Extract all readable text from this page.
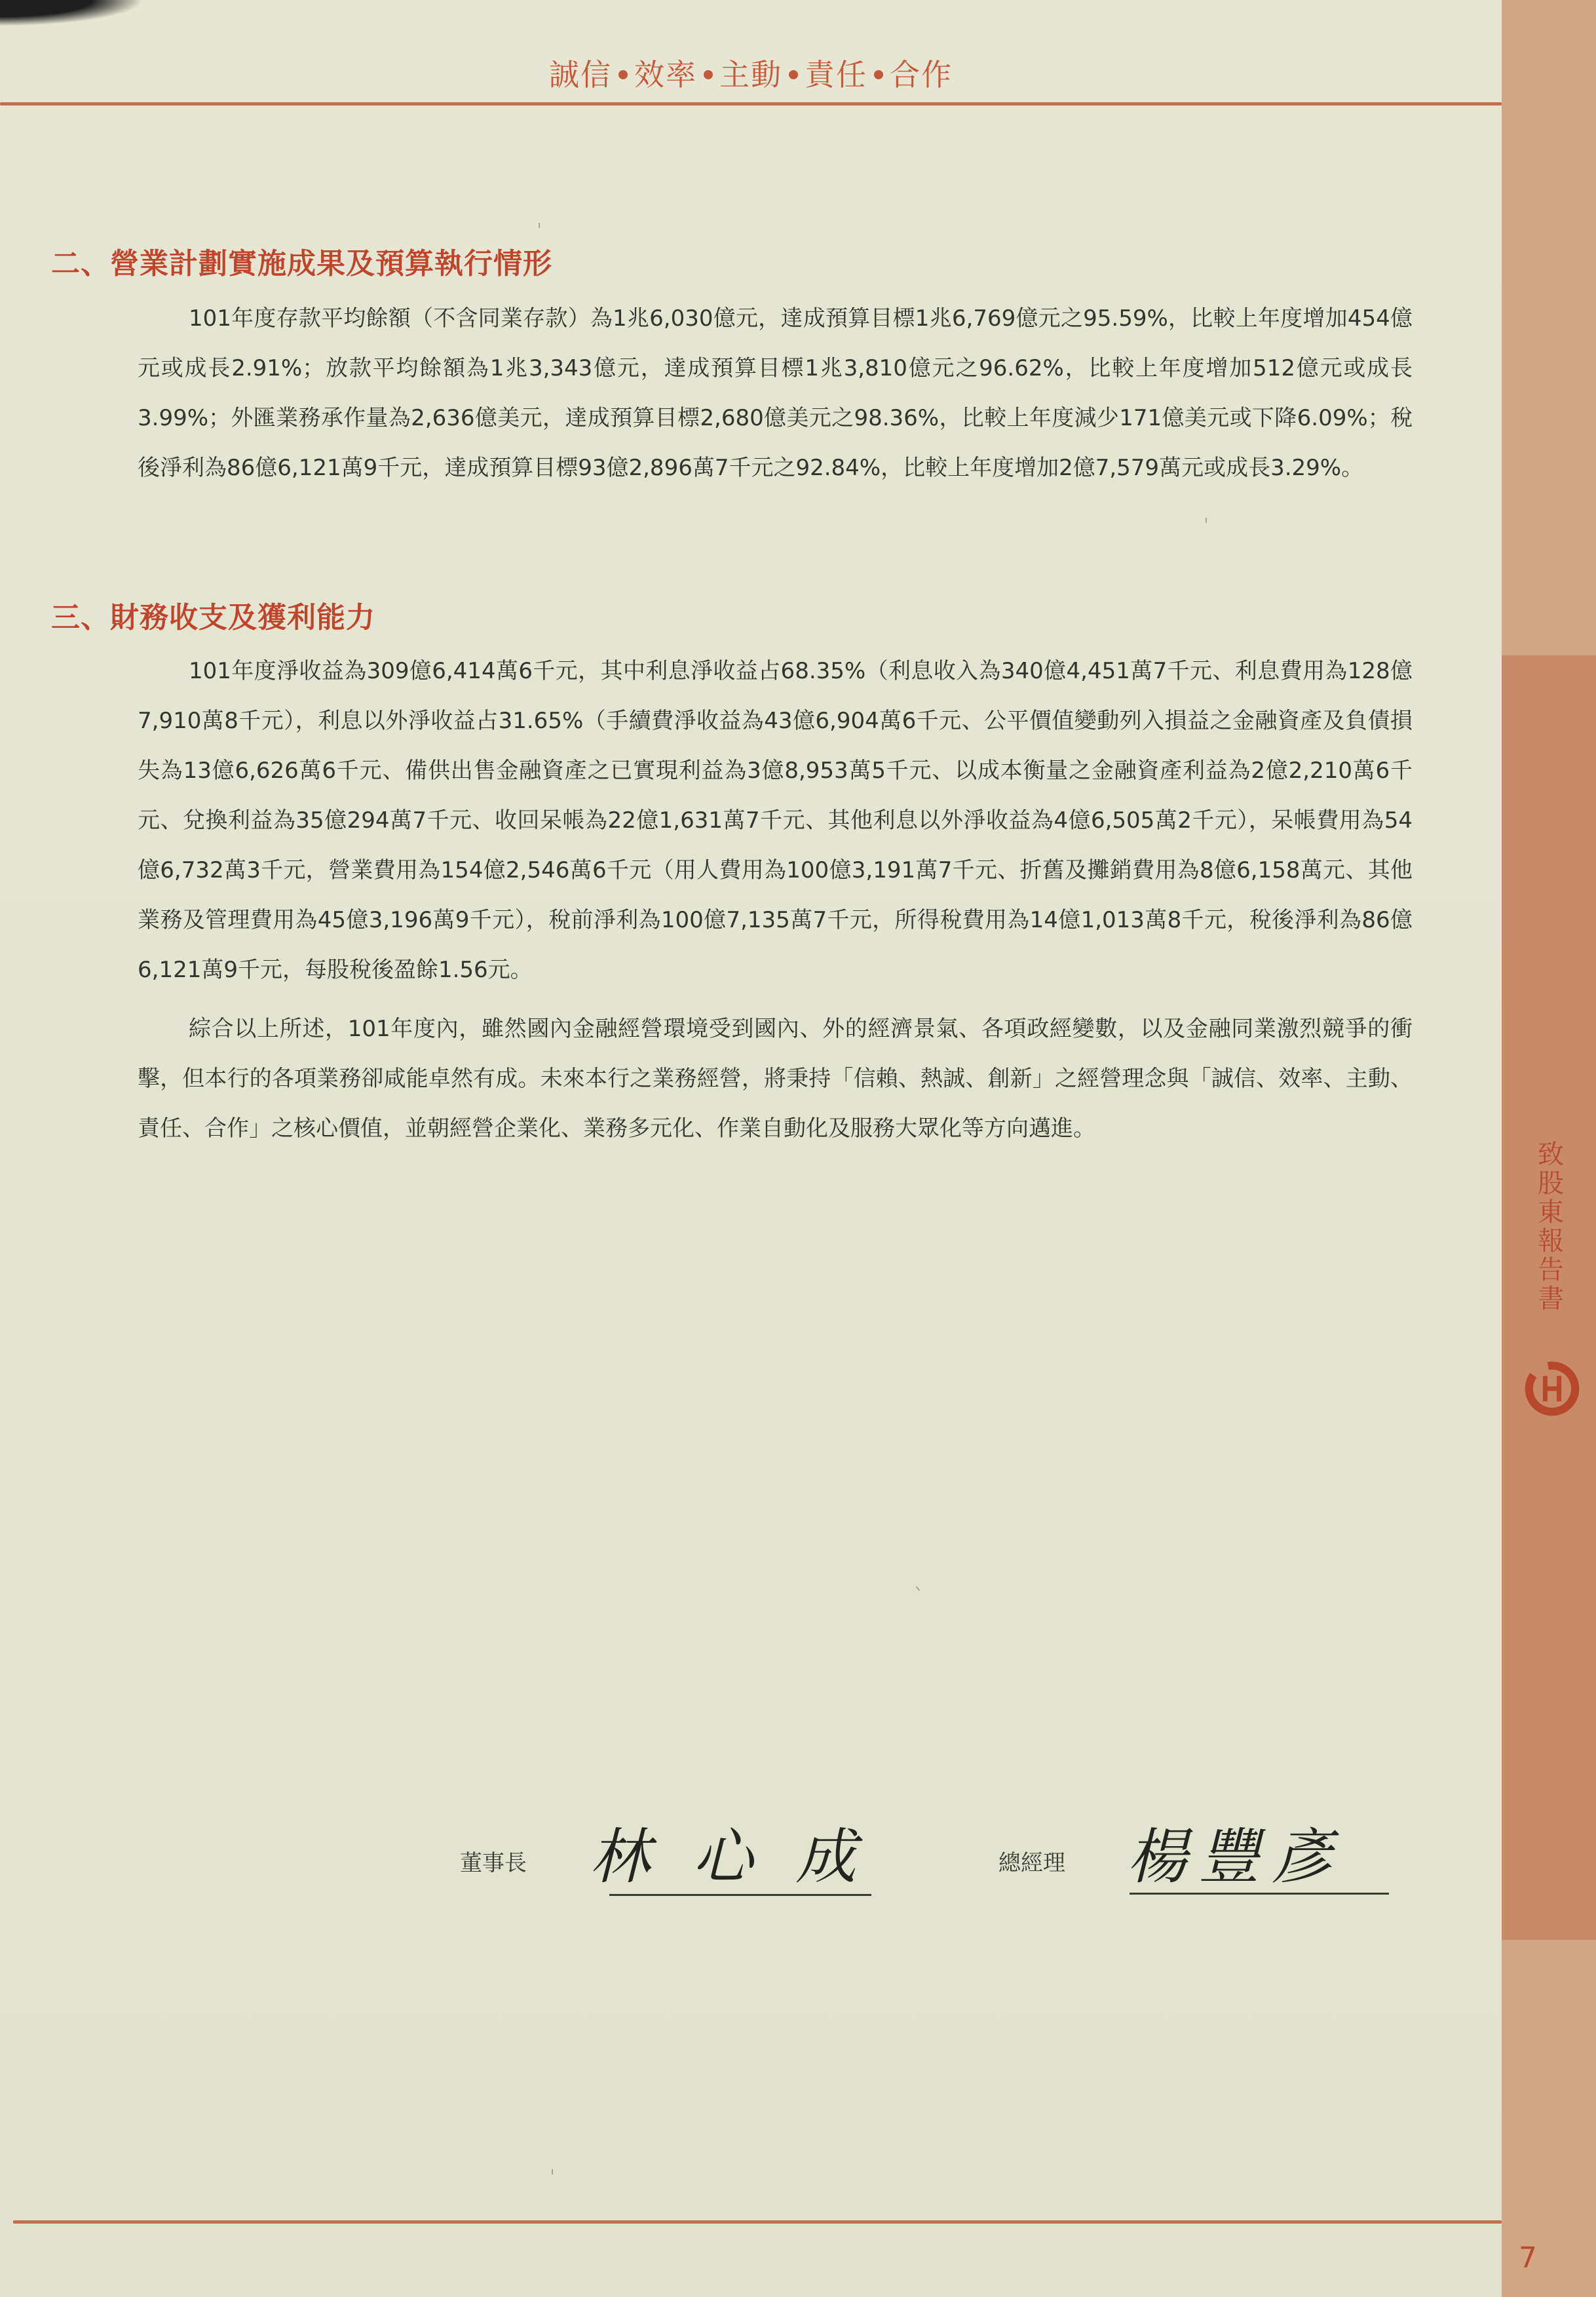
誠信 效率 主動 責任 合作
二、營業計劃實施成果及預算執行情形
101年度存款平均餘額（不含同業存款）為1兆6,030億元，達成預算目標1兆6,769億元之95.59%，比較上年度增加454億元或成長2.91%；放款平均餘額為1兆3,343億元，達成預算目標1兆3,810億元之96.62%，比較上年度增加512億元或成長3.99%；外匯業務承作量為2,636億美元，達成預算目標2,680億美元之98.36%，比較上年度減少171億美元或下降6.09%；稅後淨利為86億6,121萬9千元，達成預算目標93億2,896萬7千元之92.84%，比較上年度增加2億7,579萬元或成長3.29%。
三、財務收支及獲利能力
101年度淨收益為309億6,414萬6千元，其中利息淨收益占68.35%（利息收入為340億4,451萬7千元、利息費用為128億7,910萬8千元），利息以外淨收益占31.65%（手續費淨收益為43億6,904萬6千元、公平價值變動列入損益之金融資產及負債損失為13億6,626萬6千元、備供出售金融資產之已實現利益為3億8,953萬5千元、以成本衡量之金融資產利益為2億2,210萬6千元、兌換利益為35億294萬7千元、收回呆帳為22億1,631萬7千元、其他利息以外淨收益為4億6,505萬2千元），呆帳費用為54億6,732萬3千元，營業費用為154億2,546萬6千元（用人費用為100億3,191萬7千元、折舊及攤銷費用為8億6,158萬元、其他業務及管理費用為45億3,196萬9千元），稅前淨利為100億7,135萬7千元，所得稅費用為14億1,013萬8千元，稅後淨利為86億6,121萬9千元，每股稅後盈餘1.56元。
綜合以上所述，101年度內，雖然國內金融經營環境受到國內、外的經濟景氣、各項政經變數，以及金融同業激烈競爭的衝擊，但本行的各項業務卻咸能卓然有成。未來本行之業務經營，將秉持「信賴、熱誠、創新」之經營理念與「誠信、效率、主動、責任、合作」之核心價值，並朝經營企業化、業務多元化、作業自動化及服務大眾化等方向邁進。
董事長 林 心 成	總經理 楊豐彥
致股東報告書
7
